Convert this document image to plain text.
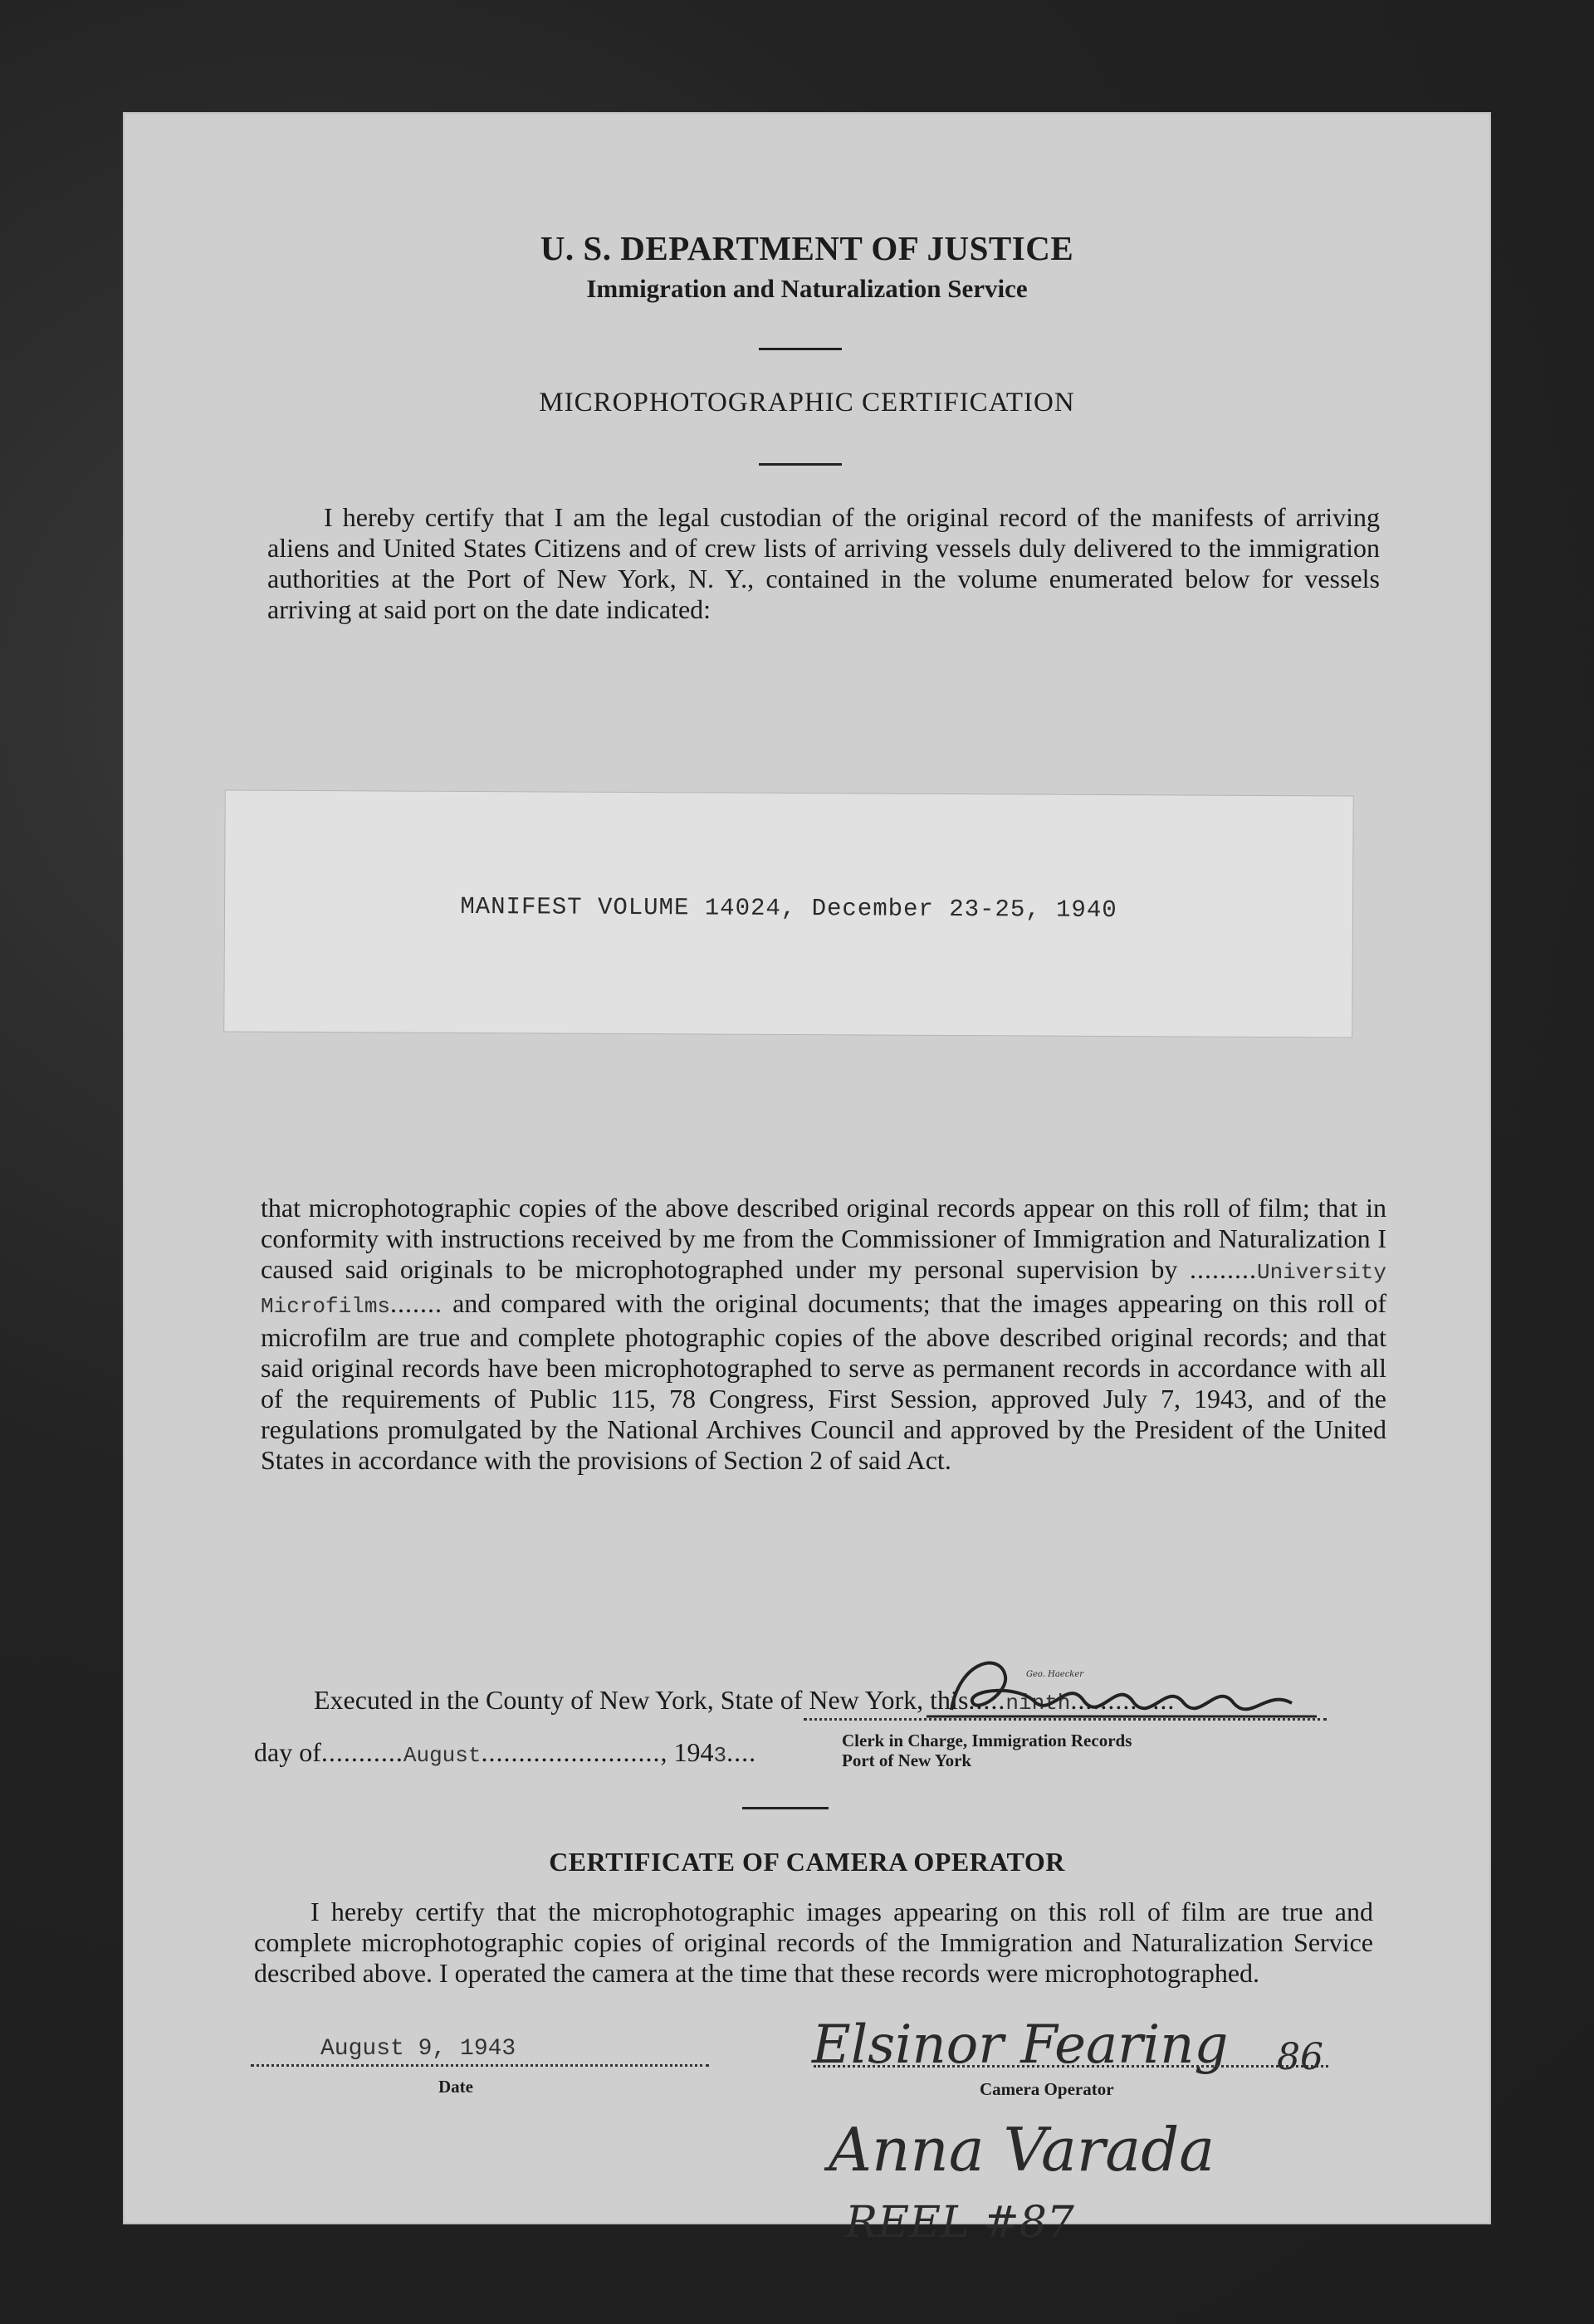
U. S. DEPARTMENT OF JUSTICE
Immigration and Naturalization Service
MICROPHOTOGRAPHIC CERTIFICATION
I hereby certify that I am the legal custodian of the original record of the manifests of arriving aliens and United States Citizens and of crew lists of arriving vessels duly delivered to the immigration authorities at the Port of New York, N. Y., contained in the volume enumerated below for vessels arriving at said port on the date indicated:
MANIFEST VOLUME 14024, December 23-25, 1940
that microphotographic copies of the above described original records appear on this roll of film; that in conformity with instructions received by me from the Commissioner of Immigration and Naturalization I caused said originals to be microphotographed under my personal supervision by .........University Microfilms....... and compared with the original documents; that the images appearing on this roll of microfilm are true and complete photographic copies of the above described original records; and that said original records have been microphotographed to serve as permanent records in accordance with all of the requirements of Public 115, 78 Congress, First Session, approved July 7, 1943, and of the regulations promulgated by the National Archives Council and approved by the President of the United States in accordance with the provisions of Section 2 of said Act.
Executed in the County of New York, State of New York, this.....ninth..............
day of...........August........................, 1943....
Geo. Haecker
Clerk in Charge, Immigration Records
Port of New York
CERTIFICATE OF CAMERA OPERATOR
I hereby certify that the microphotographic images appearing on this roll of film are true and complete microphotographic copies of original records of the Immigration and Naturalization Service described above. I operated the camera at the time that these records were microphotographed.
August 9, 1943
Date
Elsinor Fearing 86
Camera Operator
Anna Varada
REEL #87
